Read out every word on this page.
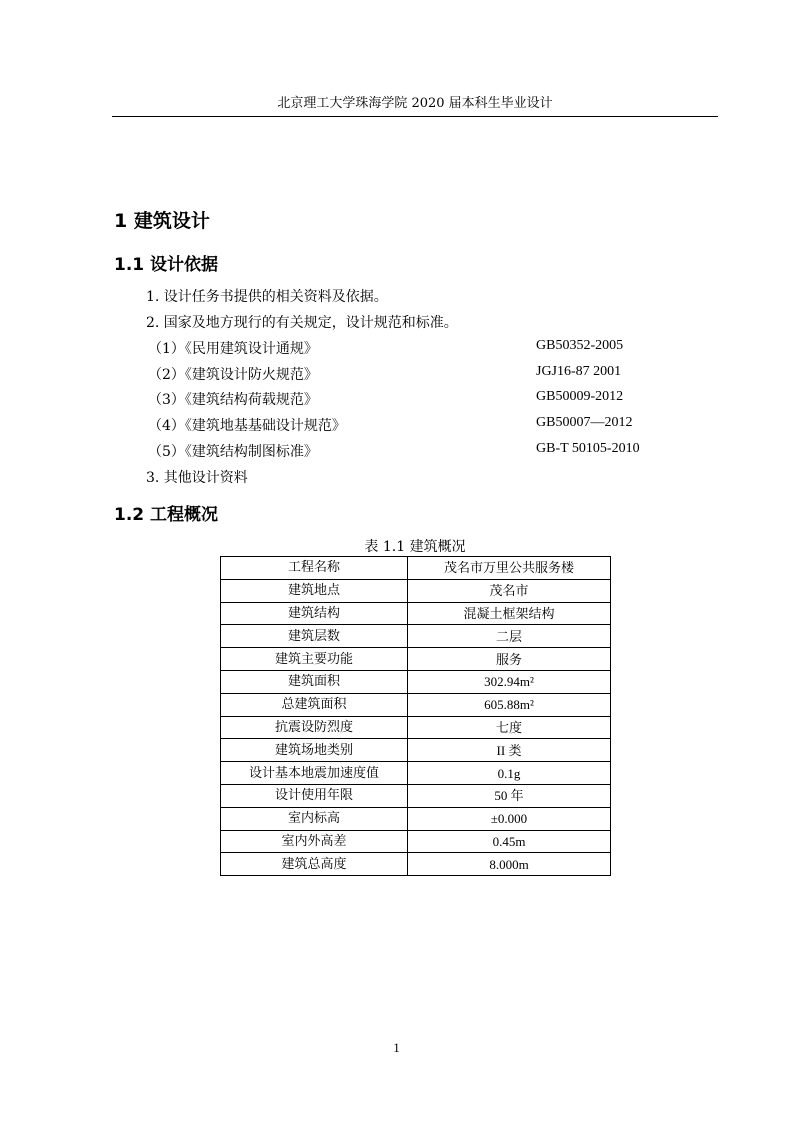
北京理工大学珠海学院 2020 届本科生毕业设计
1 建筑设计
1.1 设计依据
1. 设计任务书提供的相关资料及依据。
2. 国家及地方现行的有关规定，设计规范和标准。
（1）《民用建筑设计通规》	GB50352-2005
（2）《建筑设计防火规范》	JGJ16-87 2001
（3）《建筑结构荷载规范》	GB50009-2012
（4）《建筑地基基础设计规范》	GB50007—2012
（5）《建筑结构制图标准》	GB-T 50105-2010
3. 其他设计资料
1.2 工程概况
表 1.1 建筑概况
工程名称	茂名市万里公共服务楼
建筑地点	茂名市
建筑结构	混凝土框架结构
建筑层数	二层
建筑主要功能	服务
建筑面积	302.94m²
总建筑面积	605.88m²
抗震设防烈度	七度
建筑场地类别	II 类
设计基本地震加速度值	0.1g
设计使用年限	50 年
室内标高	±0.000
室内外高差	0.45m
建筑总高度	8.000m
1
